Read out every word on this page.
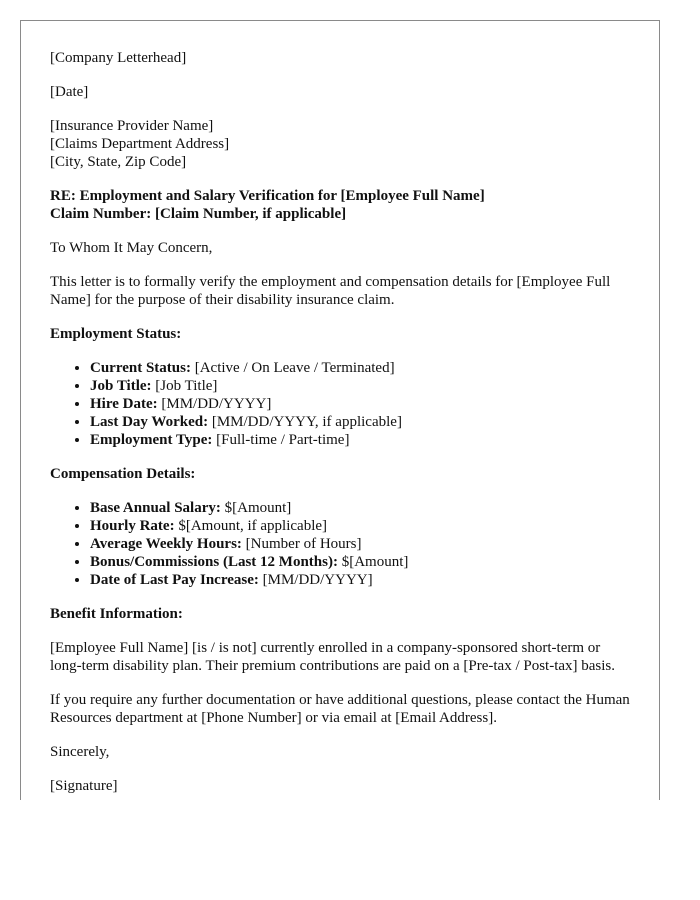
[Company Letterhead]

[Date]

[Insurance Provider Name]
[Claims Department Address]
[City, State, Zip Code]

RE: Employment and Salary Verification for [Employee Full Name]
Claim Number: [Claim Number, if applicable]

To Whom It May Concern,

This letter is to formally verify the employment and compensation details for [Employee Full Name] for the purpose of their disability insurance claim.

Employment Status:

• Current Status: [Active / On Leave / Terminated]
• Job Title: [Job Title]
• Hire Date: [MM/DD/YYYY]
• Last Day Worked: [MM/DD/YYYY, if applicable]
• Employment Type: [Full-time / Part-time]

Compensation Details:

• Base Annual Salary: $[Amount]
• Hourly Rate: $[Amount, if applicable]
• Average Weekly Hours: [Number of Hours]
• Bonus/Commissions (Last 12 Months): $[Amount]
• Date of Last Pay Increase: [MM/DD/YYYY]

Benefit Information:

[Employee Full Name] [is / is not] currently enrolled in a company-sponsored short-term or long-term disability plan. Their premium contributions are paid on a [Pre-tax / Post-tax] basis.

If you require any further documentation or have additional questions, please contact the Human Resources department at [Phone Number] or via email at [Email Address].

Sincerely,

[Signature]
